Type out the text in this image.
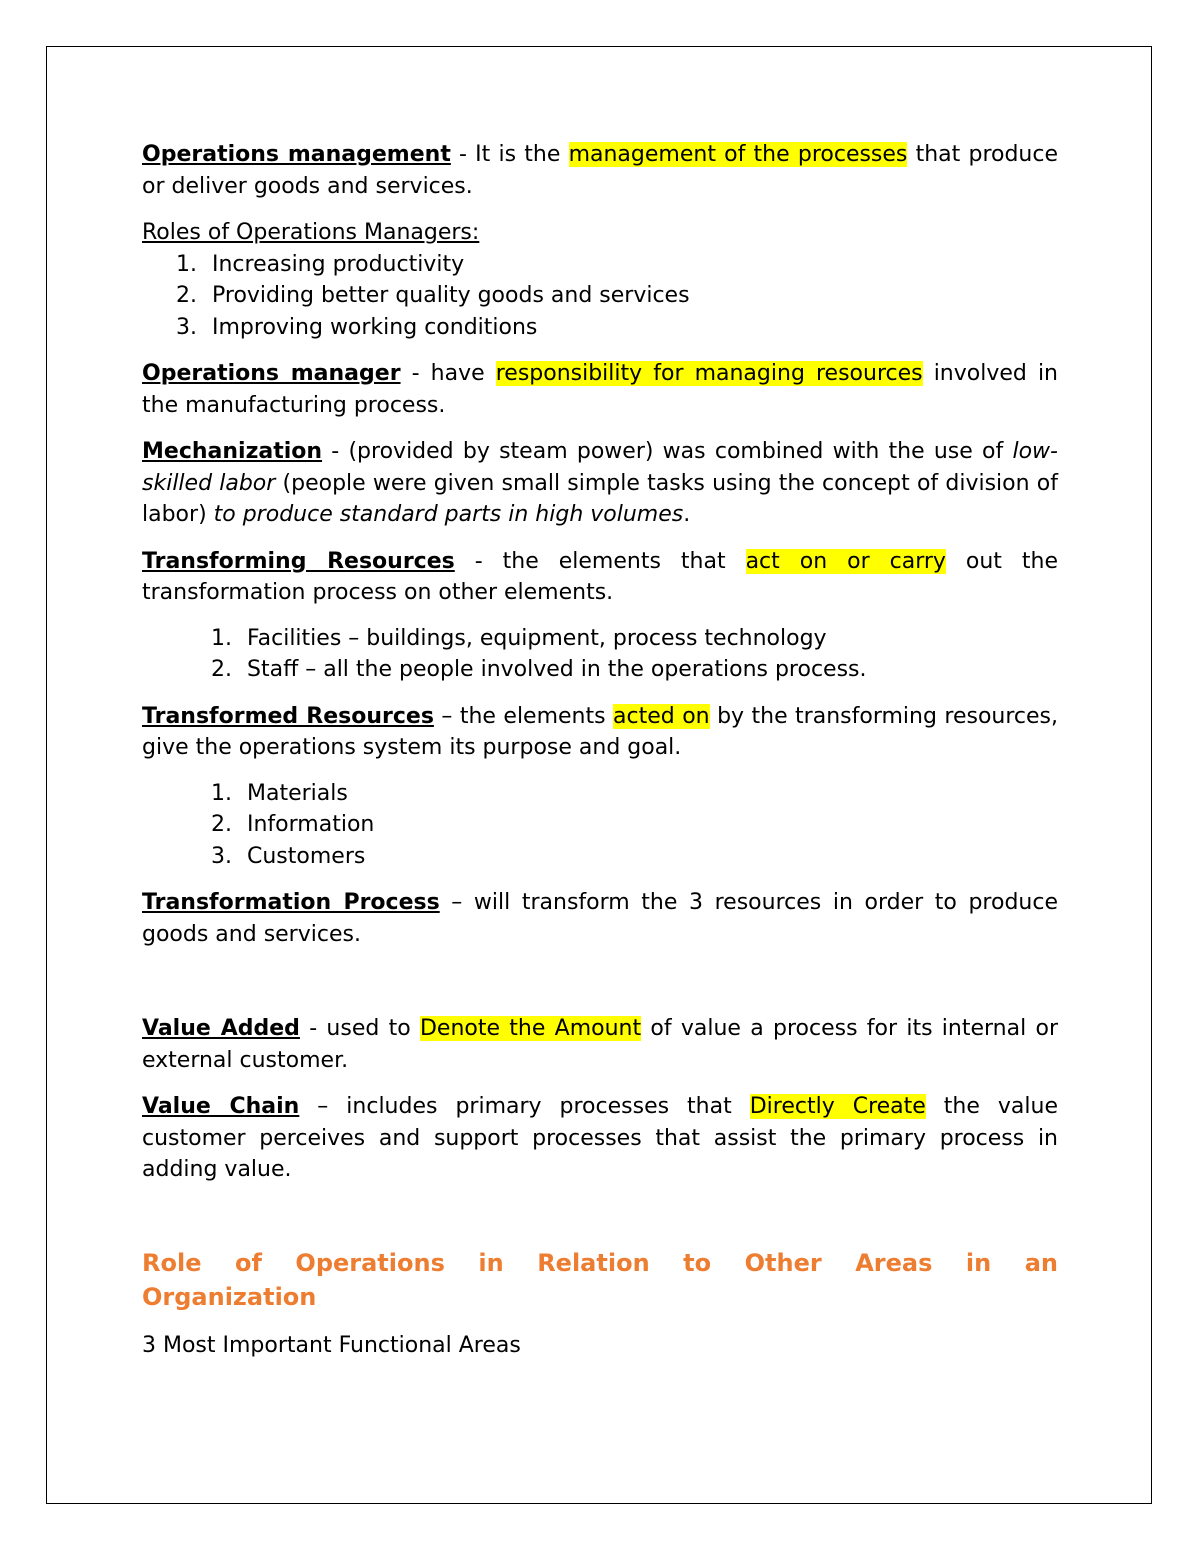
Operations management - It is the management of the processes that produce or deliver goods and services.

Roles of Operations Managers:

1. Increasing productivity
2. Providing better quality goods and services
3. Improving working conditions

Operations manager - have responsibility for managing resources involved in the manufacturing process.

Mechanization - (provided by steam power) was combined with the use of low-skilled labor (people were given small simple tasks using the concept of division of labor) to produce standard parts in high volumes.

Transforming Resources - the elements that act on or carry out the transformation process on other elements.

1. Facilities – buildings, equipment, process technology
2. Staff – all the people involved in the operations process.

Transformed Resources – the elements acted on by the transforming resources, give the operations system its purpose and goal.

1. Materials
2. Information
3. Customers

Transformation Process – will transform the 3 resources in order to produce goods and services.

Value Added - used to Denote the Amount of value a process for its internal or external customer.

Value Chain – includes primary processes that Directly Create the value customer perceives and support processes that assist the primary process in adding value.

Role of Operations in Relation to Other Areas in an
Organization

3 Most Important Functional Areas
